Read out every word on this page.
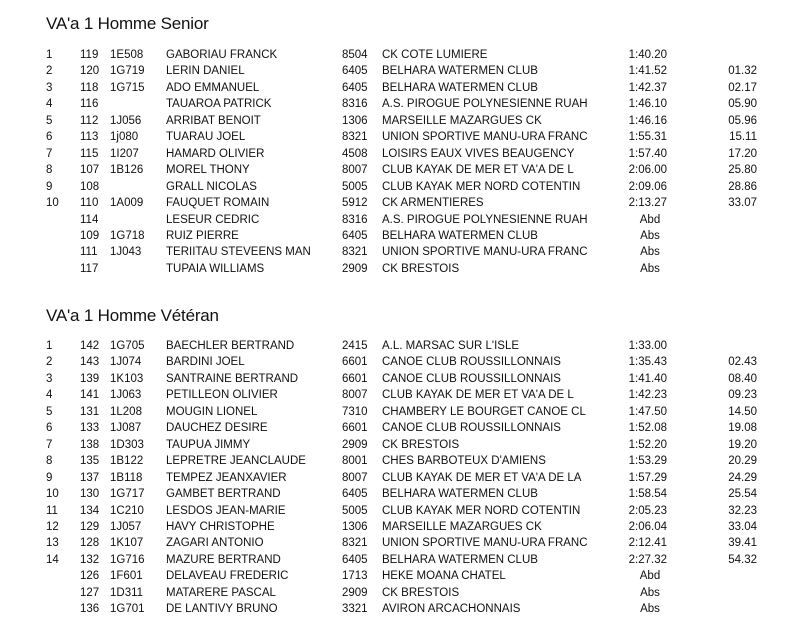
VA'a 1 Homme Senior
1 119 1E508 GABORIAU FRANCK	8504 CK COTE LUMIERE	1:40.20
2 120 1G719 LERIN DANIEL	6405 BELHARA WATERMEN CLUB	1:41.52	01.32
3 118 1G715 ADO EMMANUEL	6405 BELHARA WATERMEN CLUB	1:42.37	02.17
4 116	TAUAROA PATRICK	8316 A.S. PIROGUE POLYNESIENNE RUAH	1:46.10	05.90
5 112 1J056 ARRIBAT BENOIT	1306 MARSEILLE MAZARGUES CK	1:46.16	05.96
6 113 1j080 TUARAU JOEL	8321 UNION SPORTIVE MANU-URA FRANC	1:55.31	15.11
7 115 1I207 HAMARD OLIVIER	4508 LOISIRS EAUX VIVES BEAUGENCY	1:57.40	17.20
8 107 1B126 MOREL THONY	8007 CLUB KAYAK DE MER ET VA'A DE L	2:06.00	25.80
9 108	GRALL NICOLAS	5005 CLUB KAYAK MER NORD COTENTIN	2:09.06	28.86
10 110 1A009 FAUQUET ROMAIN	5912 CK ARMENTIERES	2:13.27	33.07
114	LESEUR CEDRIC	8316 A.S. PIROGUE POLYNESIENNE RUAH	Abd
109 1G718 RUIZ PIERRE	6405 BELHARA WATERMEN CLUB	Abs
111 1J043 TERIITAU STEVEENS MAN	8321 UNION SPORTIVE MANU-URA FRANC	Abs
117	TUPAIA WILLIAMS	2909 CK BRESTOIS	Abs
VA'a 1 Homme Vétéran
1 142 1G705 BAECHLER BERTRAND	2415 A.L. MARSAC SUR L'ISLE	1:33.00
2 143 1J074 BARDINI JOEL	6601 CANOE CLUB ROUSSILLONNAIS	1:35.43	02.43
3 139 1K103 SANTRAINE BERTRAND	6601 CANOE CLUB ROUSSILLONNAIS	1:41.40	08.40
4 141 1J063 PETILLEON OLIVIER	8007 CLUB KAYAK DE MER ET VA'A DE L	1:42.23	09.23
5 131 1L208 MOUGIN LIONEL	7310 CHAMBERY LE BOURGET CANOE CL	1:47.50	14.50
6 133 1J087 DAUCHEZ DESIRE	6601 CANOE CLUB ROUSSILLONNAIS	1:52.08	19.08
7 138 1D303 TAUPUA JIMMY	2909 CK BRESTOIS	1:52.20	19.20
8 135 1B122 LEPRETRE JEANCLAUDE	8001 CHES BARBOTEUX D'AMIENS	1:53.29	20.29
9 137 1B118 TEMPEZ JEANXAVIER	8007 CLUB KAYAK DE MER ET VA'A DE LA	1:57.29	24.29
10 130 1G717 GAMBET BERTRAND	6405 BELHARA WATERMEN CLUB	1:58.54	25.54
11 134 1C210 LESDOS JEAN-MARIE	5005 CLUB KAYAK MER NORD COTENTIN	2:05.23	32.23
12 129 1J057 HAVY CHRISTOPHE	1306 MARSEILLE MAZARGUES CK	2:06.04	33.04
13 128 1K107 ZAGARI ANTONIO	8321 UNION SPORTIVE MANU-URA FRANC	2:12.41	39.41
14 132 1G716 MAZURE BERTRAND	6405 BELHARA WATERMEN CLUB	2:27.32	54.32
126 1F601 DELAVEAU FREDERIC	1713 HEKE MOANA CHATEL	Abd
127 1D311 MATARERE PASCAL	2909 CK BRESTOIS	Abs
136 1G701 DE LANTIVY BRUNO	3321 AVIRON ARCACHONNAIS	Abs
